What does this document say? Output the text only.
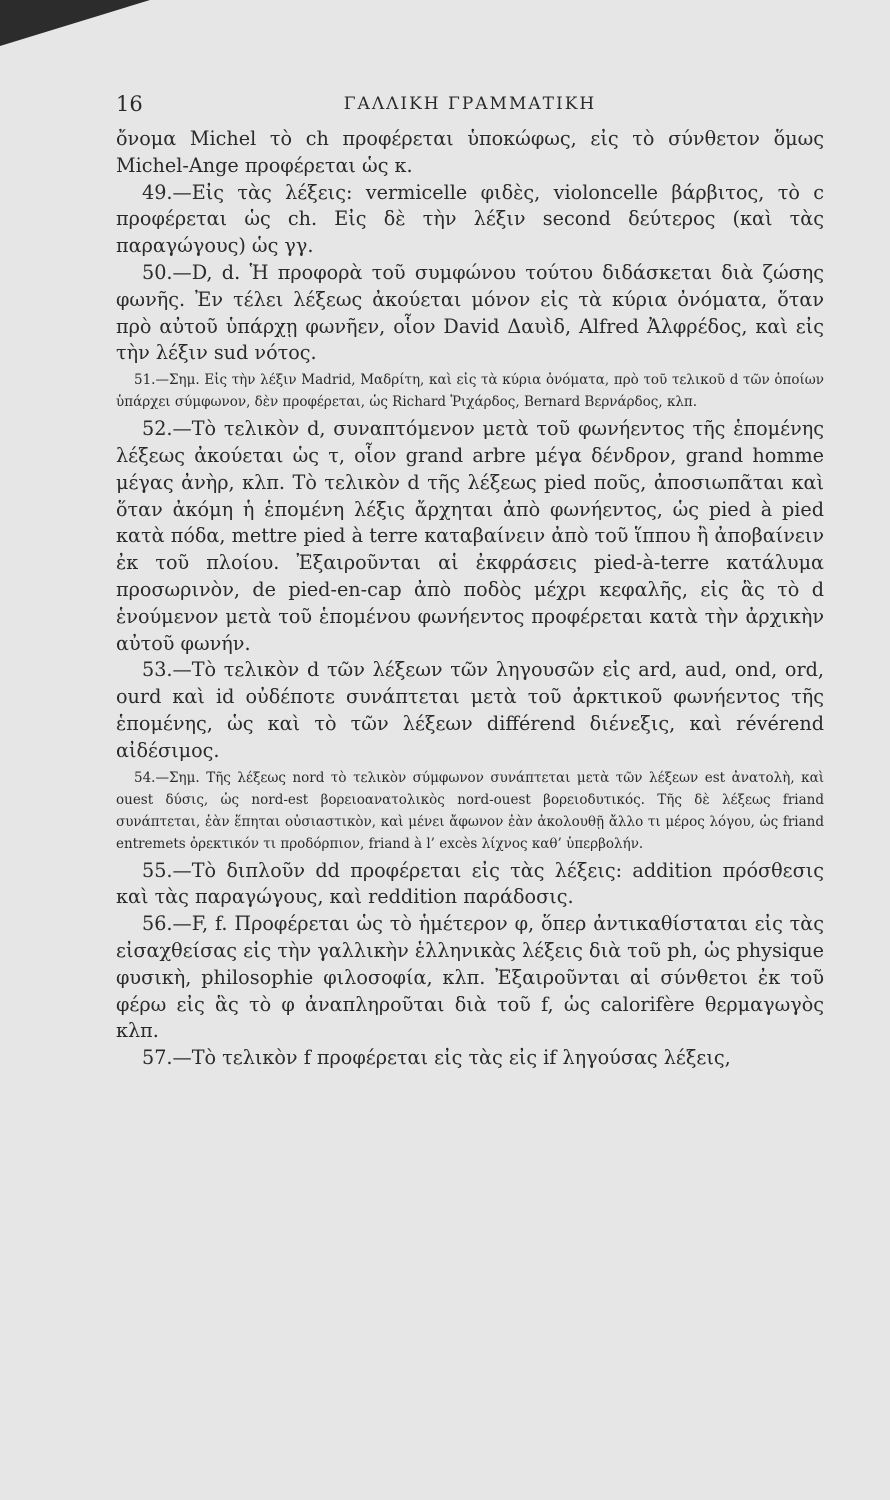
16	ΓΑΛΛΙΚΗ ΓΡΑΜΜΑΤΙΚΗ

ὄνομα Michel τὸ ch προφέρεται ὑποκώφως, εἰς τὸ σύνθετον ὅμως Michel-Ange προφέρεται ὡς κ.

49.—Εἰς τὰς λέξεις: vermicelle φιδὲς, violoncelle βάρβιτος, τὸ c προφέρεται ὡς ch. Εἰς δὲ τὴν λέξιν second δεύτερος (καὶ τὰς παραγώγους) ὡς γγ.

50.—D, d. Ἡ προφορὰ τοῦ συμφώνου τούτου διδάσκεται διὰ ζώσης φωνῆς. Ἐν τέλει λέξεως ἀκούεται μόνον εἰς τὰ κύρια ὀνόματα, ὅταν πρὸ αὐτοῦ ὑπάρχῃ φωνῆεν, οἷον David Δαυὶδ, Alfred Ἀλφρέδος, καὶ εἰς τὴν λέξιν sud νότος.

51.—Σημ. Εἰς τὴν λέξιν Madrid, Μαδρίτη, καὶ εἰς τὰ κύρια ὀνόματα, πρὸ τοῦ τελικοῦ d τῶν ὁποίων ὑπάρχει σύμφωνον, δὲν προφέρεται, ὡς Richard Ῥιχάρδος, Bernard Βερνάρδος, κλπ.

52.—Τὸ τελικὸν d, συναπτόμενον μετὰ τοῦ φωνήεντος τῆς ἑπομένης λέξεως ἀκούεται ὡς τ, οἷον grand arbre μέγα δένδρον, grand homme μέγας ἀνὴρ, κλπ. Τὸ τελικὸν d τῆς λέξεως pied ποῦς, ἀποσιωπᾶται καὶ ὅταν ἀκόμη ἡ ἑπομένη λέξις ἄρχηται ἀπὸ φωνήεντος, ὡς pied à pied κατὰ πόδα, mettre pied à terre καταβαίνειν ἀπὸ τοῦ ἵππου ἢ ἀποβαίνειν ἐκ τοῦ πλοίου. Ἐξαιροῦνται αἱ ἐκφράσεις pied-à-terre κατάλυμα προσωρινὸν, de pied-en-cap ἀπὸ ποδὸς μέχρι κεφαλῆς, εἰς ἃς τὸ d ἑνούμενον μετὰ τοῦ ἑπομένου φωνήεντος προφέρεται κατὰ τὴν ἀρχικὴν αὐτοῦ φωνήν.

53.—Τὸ τελικὸν d τῶν λέξεων τῶν ληγουσῶν εἰς ard, aud, ond, ord, ourd καὶ id οὐδέποτε συνάπτεται μετὰ τοῦ ἀρκτικοῦ φωνήεντος τῆς ἑπομένης, ὡς καὶ τὸ τῶν λέξεων différend διένεξις, καὶ révérend αἰδέσιμος.

54.—Σημ. Τῆς λέξεως nord τὸ τελικὸν σύμφωνον συνάπτεται μετὰ τῶν λέξεων est ἀνατολὴ, καὶ ouest δύσις, ὡς nord-est βορειοανατολικὸς nord-ouest βορειοδυτικός. Τῆς δὲ λέξεως friand συνάπτεται, ἐὰν ἕπηται οὐσιαστικὸν, καὶ μένει ἄφωνον ἐὰν ἀκολουθῇ ἄλλο τι μέρος λόγου, ὡς friand entremets ὀρεκτικόν τι προδόρπιον, friand à l’ excès λίχνος καθ’ ὑπερβολήν.

55.—Τὸ διπλοῦν dd προφέρεται εἰς τὰς λέξεις: addition πρόσθεσις καὶ τὰς παραγώγους, καὶ reddition παράδοσις.

56.—F, f. Προφέρεται ὡς τὸ ἡμέτερον φ, ὅπερ ἀντικαθίσταται εἰς τὰς εἰσαχθείσας εἰς τὴν γαλλικὴν ἑλληνικὰς λέξεις διὰ τοῦ ph, ὡς physique φυσικὴ, philosophie φιλοσοφία, κλπ. Ἐξαιροῦνται αἱ σύνθετοι ἐκ τοῦ φέρω εἰς ἃς τὸ φ ἀναπληροῦται διὰ τοῦ f, ὡς calorifère θερμαγωγὸς κλπ.

57.—Τὸ τελικὸν f προφέρεται εἰς τὰς εἰς if ληγούσας λέξεις,
